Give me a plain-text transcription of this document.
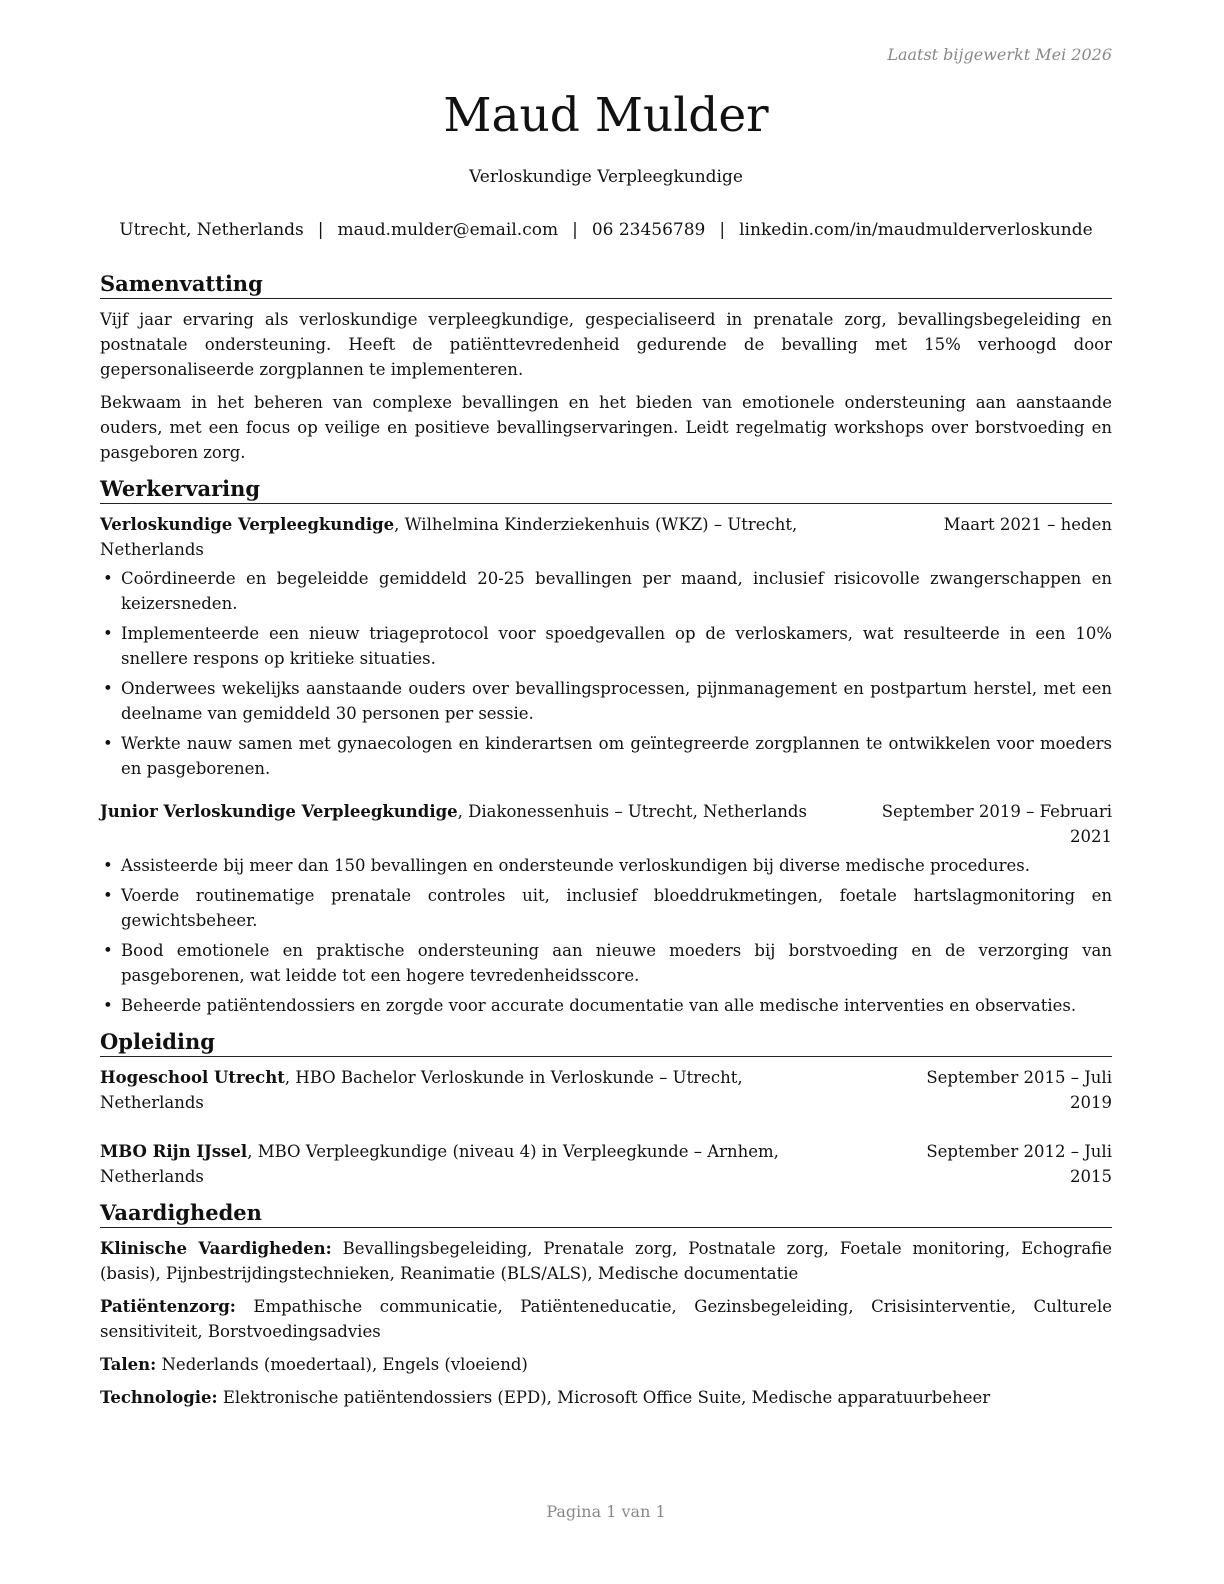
Laatst bijgewerkt Mei 2026
Maud Mulder
Verloskundige Verpleegkundige
Utrecht, Netherlands | maud.mulder@email.com | 06 23456789 | linkedin.com/in/maudmulderverloskunde
Samenvatting

Vijf jaar ervaring als verloskundige verpleegkundige, gespecialiseerd in prenatale zorg, bevallingsbegeleiding en postnatale ondersteuning. Heeft de patiënttevredenheid gedurende de bevalling met 15% verhoogd door gepersonaliseerde zorgplannen te implementeren.

Bekwaam in het beheren van complexe bevallingen en het bieden van emotionele ondersteuning aan aanstaande ouders, met een focus op veilige en positieve bevallingservaringen. Leidt regelmatig workshops over borstvoeding en pasgeboren zorg.

Werkervaring
Verloskundige Verpleegkundige, Wilhelmina Kinderziekenhuis (WKZ) – Utrecht, Netherlands
Maart 2021 – heden
• Coördineerde en begeleidde gemiddeld 20-25 bevallingen per maand, inclusief risicovolle zwangerschappen en keizersneden.
• Implementeerde een nieuw triageprotocol voor spoedgevallen op de verloskamers, wat resulteerde in een 10% snellere respons op kritieke situaties.
• Onderwees wekelijks aanstaande ouders over bevallingsprocessen, pijnmanagement en postpartum herstel, met een deelname van gemiddeld 30 personen per sessie.
• Werkte nauw samen met gynaecologen en kinderartsen om geïntegreerde zorgplannen te ontwikkelen voor moeders en pasgeborenen.
Junior Verloskundige Verpleegkundige, Diakonessenhuis – Utrecht, Netherlands	September 2019 – Februari 2021
• Assisteerde bij meer dan 150 bevallingen en ondersteunde verloskundigen bij diverse medische procedures.
• Voerde routinematige prenatale controles uit, inclusief bloeddrukmetingen, foetale hartslagmonitoring en gewichtsbeheer.
• Bood emotionele en praktische ondersteuning aan nieuwe moeders bij borstvoeding en de verzorging van pasgeborenen, wat leidde tot een hogere tevredenheidsscore.
• Beheerde patiëntendossiers en zorgde voor accurate documentatie van alle medische interventies en observaties.
Opleiding
Hogeschool Utrecht, HBO Bachelor Verloskunde in Verloskunde – Utrecht, Netherlands
September 2015 – Juli 2019
MBO Rijn IJssel, MBO Verpleegkundige (niveau 4) in Verpleegkunde – Arnhem, Netherlands
September 2012 – Juli 2015
Vaardigheden

Klinische Vaardigheden: Bevallingsbegeleiding, Prenatale zorg, Postnatale zorg, Foetale monitoring, Echografie (basis), Pijnbestrijdingstechnieken, Reanimatie (BLS/ALS), Medische documentatie

Patiëntenzorg: Empathische communicatie, Patiënteneducatie, Gezinsbegeleiding, Crisisinterventie, Culturele sensitiviteit, Borstvoedingsadvies

Talen: Nederlands (moedertaal), Engels (vloeiend)

Technologie: Elektronische patiëntendossiers (EPD), Microsoft Office Suite, Medische apparatuurbeheer

Pagina 1 van 1
